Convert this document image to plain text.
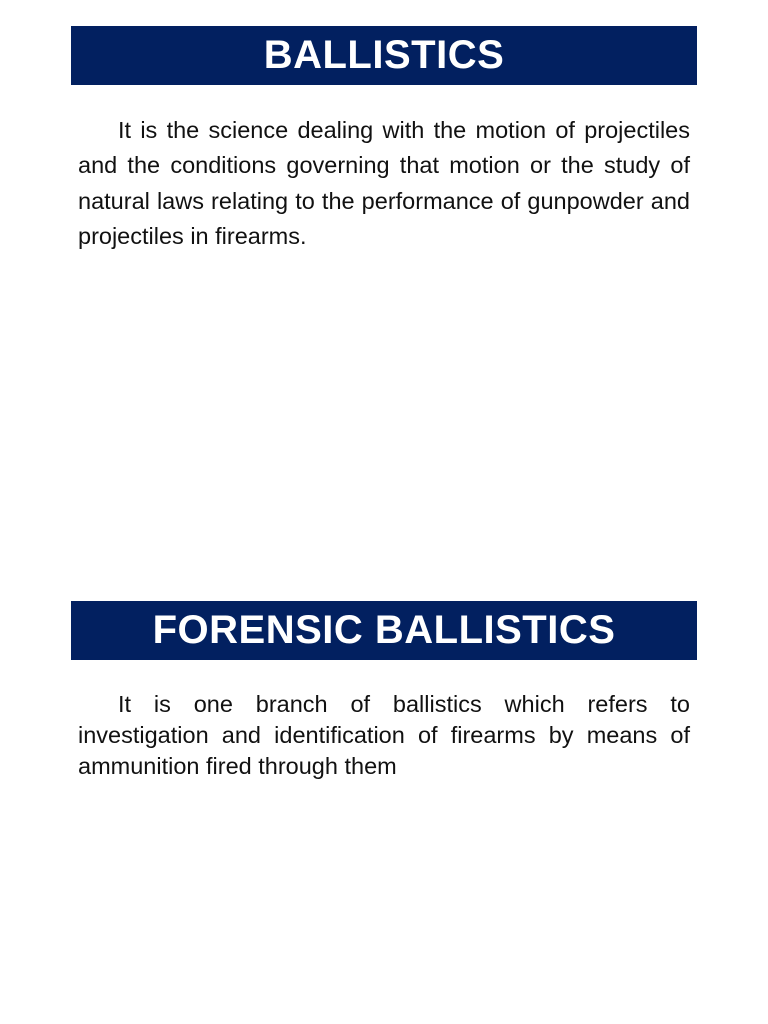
BALLISTICS

It is the science dealing with the motion of projectiles and the conditions governing that motion or the study of natural laws relating to the performance of gunpowder and projectiles in firearms.

FORENSIC BALLISTICS

It is one branch of ballistics which refers to investigation and identification of firearms by means of ammunition fired through them
